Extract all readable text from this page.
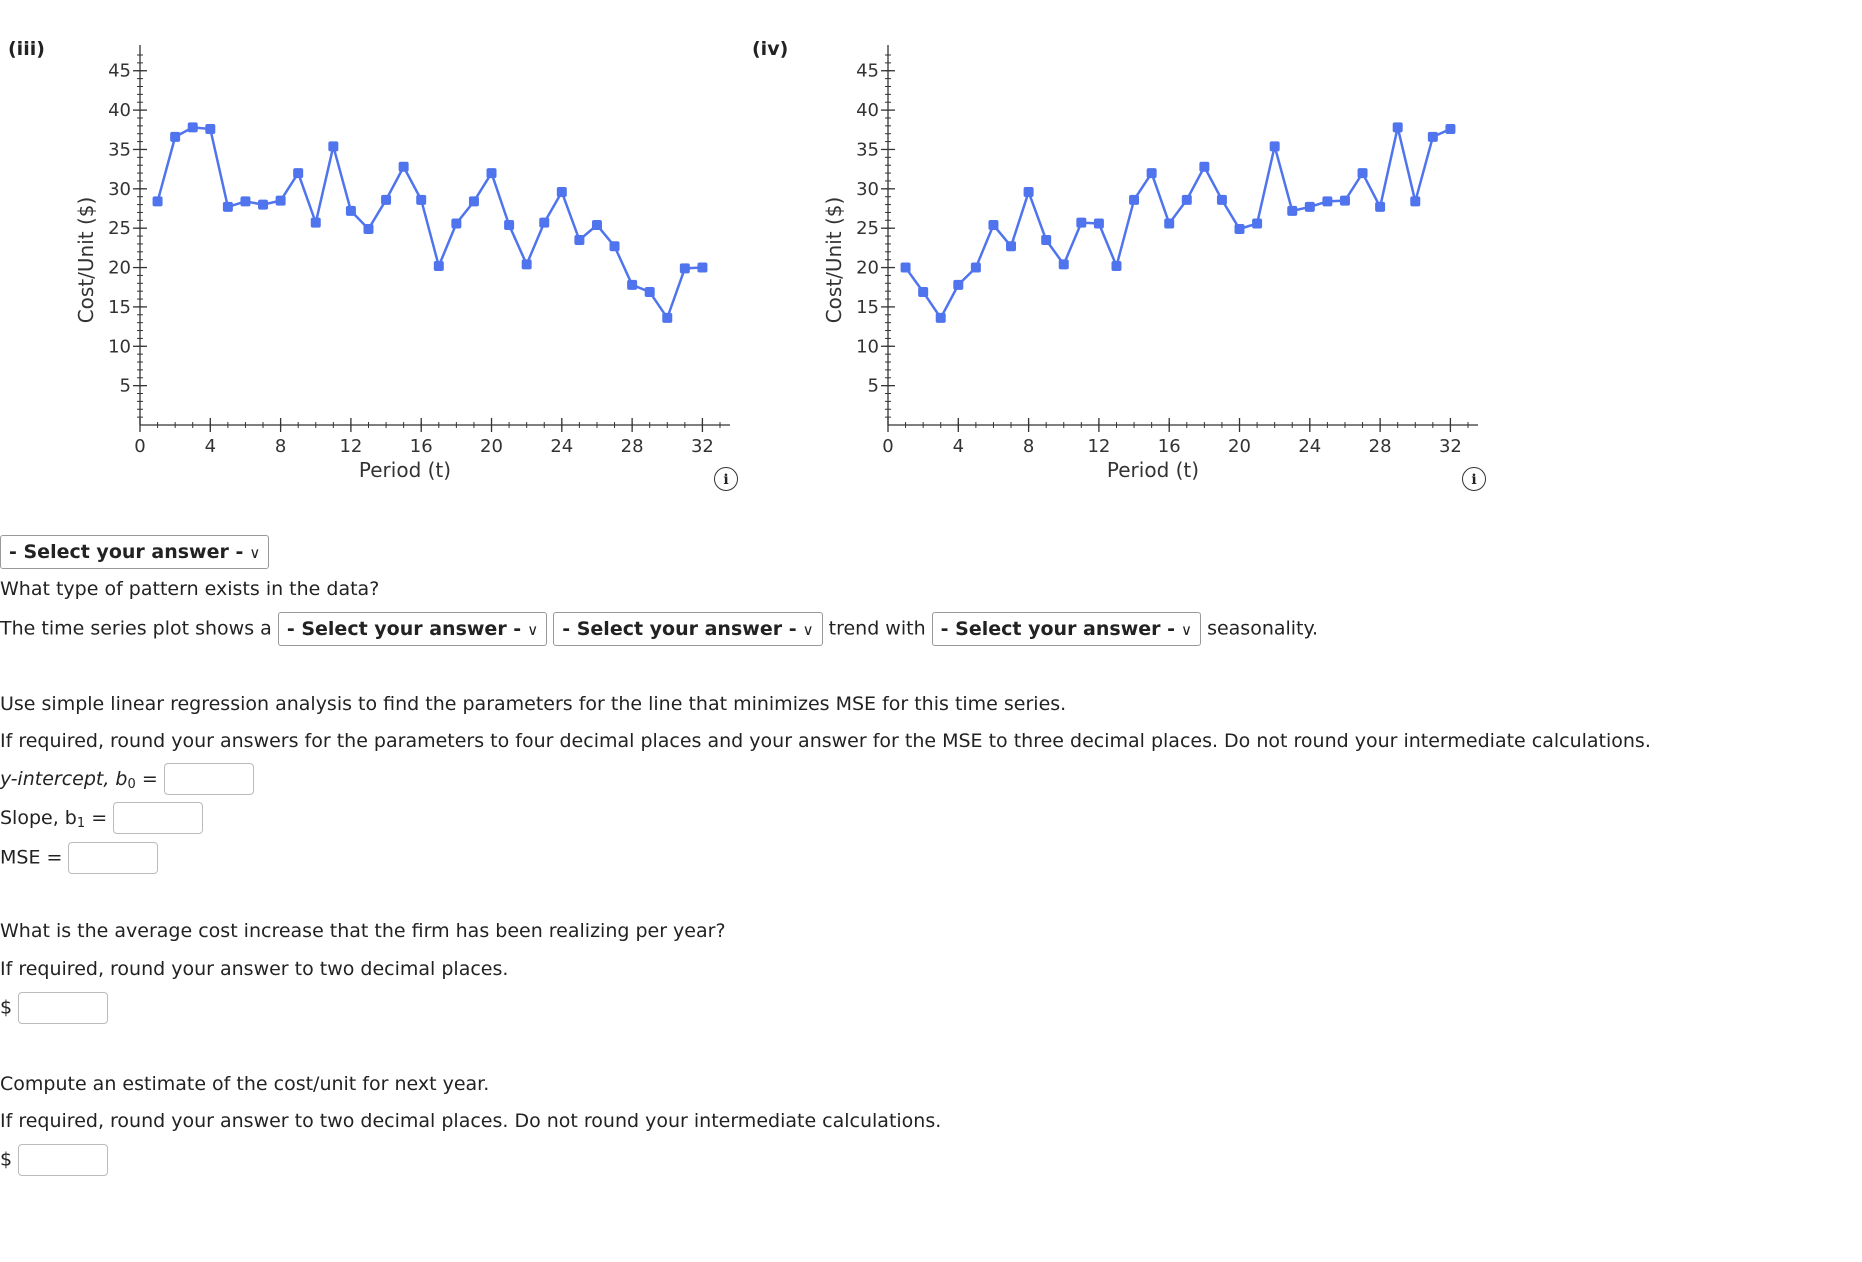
(iii)
0	4	8	12	16	20	24	28	32
5
10
15
20
25
30
35
40
45
Period (t)
Cost/Unit ($)
i
(iv)
0	4	8	12	16	20	24	28	32
5
10
15
20
25
30
35
40
45
Period (t)
Cost/Unit ($)
i
- Select your answer - ∨
What type of pattern exists in the data?
The time series plot shows a - Select your answer - ∨ - Select your answer - ∨ trend with - Select your answer - ∨ seasonality.
Use simple linear regression analysis to find the parameters for the line that minimizes MSE for this time series.
If required, round your answers for the parameters to four decimal places and your answer for the MSE to three decimal places. Do not round your intermediate calculations.
y-intercept, $b_0$ =
Slope, $b_1$ =
MSE =
What is the average cost increase that the firm has been realizing per year?
If required, round your answer to two decimal places.
$
Compute an estimate of the cost/unit for next year.
If required, round your answer to two decimal places. Do not round your intermediate calculations.
$
